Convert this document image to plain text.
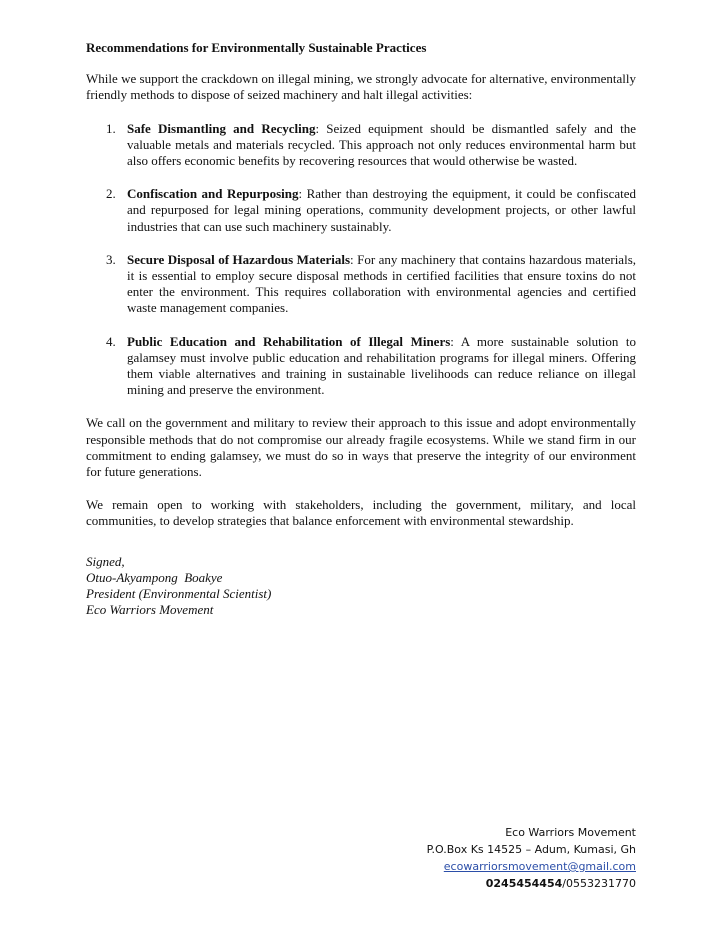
Recommendations for Environmentally Sustainable Practices
While we support the crackdown on illegal mining, we strongly advocate for alternative, environmentally friendly methods to dispose of seized machinery and halt illegal activities:
1. Safe Dismantling and Recycling: Seized equipment should be dismantled safely and the valuable metals and materials recycled. This approach not only reduces environmental harm but also offers economic benefits by recovering resources that would otherwise be wasted.
2. Confiscation and Repurposing: Rather than destroying the equipment, it could be confiscated and repurposed for legal mining operations, community development projects, or other lawful industries that can use such machinery sustainably.
3. Secure Disposal of Hazardous Materials: For any machinery that contains hazardous materials, it is essential to employ secure disposal methods in certified facilities that ensure toxins do not enter the environment. This requires collaboration with environmental agencies and certified waste management companies.
4. Public Education and Rehabilitation of Illegal Miners: A more sustainable solution to galamsey must involve public education and rehabilitation programs for illegal miners. Offering them viable alternatives and training in sustainable livelihoods can reduce reliance on illegal mining and preserve the environment.
We call on the government and military to review their approach to this issue and adopt environmentally responsible methods that do not compromise our already fragile ecosystems. While we stand firm in our commitment to ending galamsey, we must do so in ways that preserve the integrity of our environment for future generations.
We remain open to working with stakeholders, including the government, military, and local communities, to develop strategies that balance enforcement with environmental stewardship.
Signed,
Otuo-Akyampong  Boakye
President (Environmental Scientist)
Eco Warriors Movement
Eco Warriors Movement
P.O.Box Ks 14525 – Adum, Kumasi, Gh
ecowarriorsmovement@gmail.com
0245454454/0553231770
